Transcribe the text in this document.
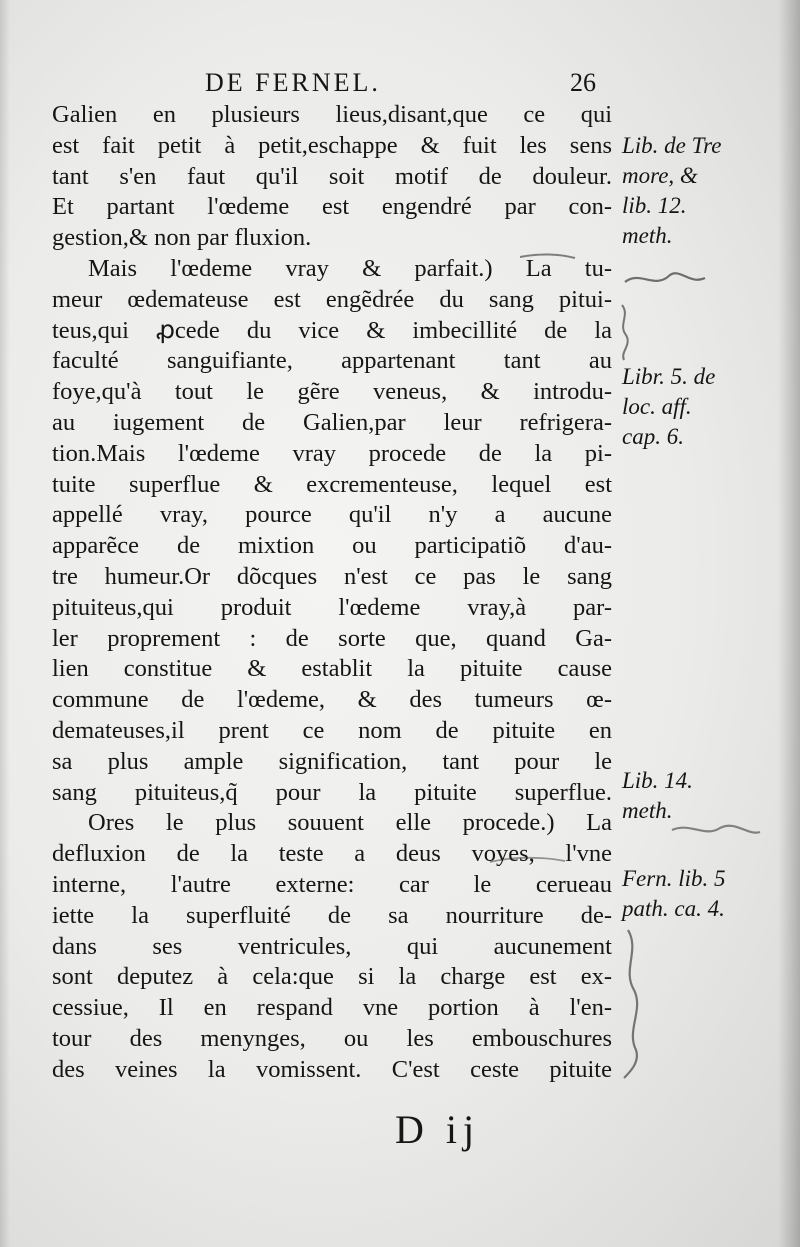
DE FERNEL.	26
Galien en plusieurs lieus,disant,que ce qui
est fait petit à petit,eschappe & fuit les sens
tant s'en faut qu'il soit motif de douleur.
Et partant l'œdeme est engendré par con-
gestion,& non par fluxion.
Mais l'œdeme vray & parfait.) La tu-
meur œdemateuse est engẽdrée du sang pitui-
teus,qui ꝓcede du vice & imbecillité de la
faculté sanguifiante, appartenant tant au
foye,qu'à tout le gẽre veneus, & introdu-
au iugement de Galien,par leur refrigera-
tion.Mais l'œdeme vray procede de la pi-
tuite superflue & excrementeuse, lequel est
appellé vray, pource qu'il n'y a aucune
apparẽce de mixtion ou participatiõ d'au-
tre humeur.Or dõcques n'est ce pas le sang
pituiteus,qui produit l'œdeme vray,à par-
ler proprement : de sorte que, quand Ga-
lien constitue & establit la pituite cause
commune de l'œdeme, & des tumeurs œ-
demateuses,il prent ce nom de pituite en
sa plus ample signification, tant pour le
sang pituiteus,q̃ pour la pituite superflue.
Ores le plus souuent elle procede.) La
defluxion de la teste a deus voyes, l'vne
interne, l'autre externe: car le cerueau
iette la superfluité de sa nourriture de-
dans ses ventricules, qui aucunement
sont deputez à cela:que si la charge est ex-
cessiue, Il en respand vne portion à l'en-
tour des menynges, ou les embouschures
des veines la vomissent. C'est ceste pituite
Lib. de Tre
more, &
lib. 12.
meth.
Libr. 5. de
loc. aff.
cap. 6.
Lib. 14.
meth.
Fern. lib. 5
path. ca. 4.
D ij
